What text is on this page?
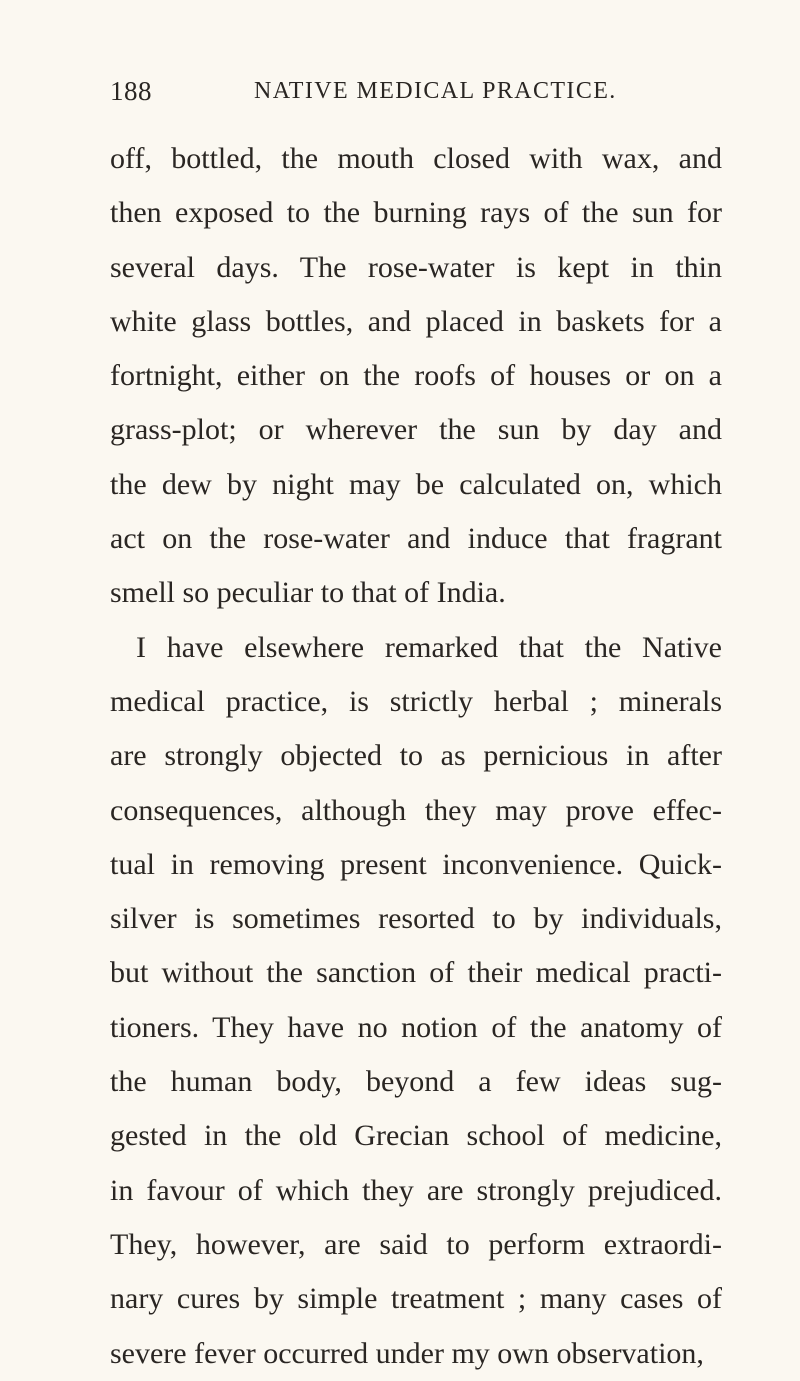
188	NATIVE MEDICAL PRACTICE.
off, bottled, the mouth closed with wax, and
then exposed to the burning rays of the sun for
several days. The rose-water is kept in thin
white glass bottles, and placed in baskets for a
fortnight, either on the roofs of houses or on a
grass-plot; or wherever the sun by day and
the dew by night may be calculated on, which
act on the rose-water and induce that fragrant
smell so peculiar to that of India.
I have elsewhere remarked that the Native
medical practice, is strictly herbal ; minerals
are strongly objected to as pernicious in after
consequences, although they may prove effec-
tual in removing present inconvenience. Quick-
silver is sometimes resorted to by individuals,
but without the sanction of their medical practi-
tioners. They have no notion of the anatomy of
the human body, beyond a few ideas sug-
gested in the old Grecian school of medicine,
in favour of which they are strongly prejudiced.
They, however, are said to perform extraordi-
nary cures by simple treatment ; many cases of
severe fever occurred under my own observation,
